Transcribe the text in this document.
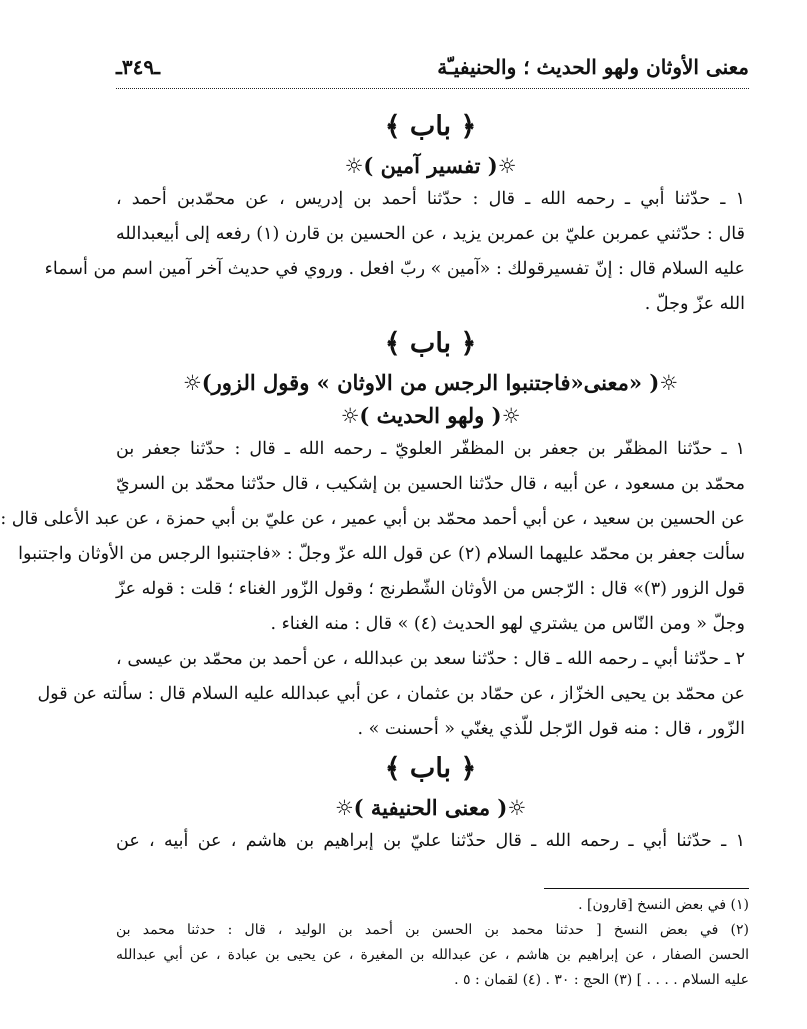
معنى الأوثان ولهو الحديث ؛ والحنيفيـّة
ـ٣٤٩ـ
﴿ باب ﴾
☼( تفسير آمين )☼
١ ـ حدّثنا أبي ـ رحمه الله ـ قال : حدّثنا أحمد بن إدريس ، عن محمّدبن أحمد ،
قال : حدّثني عمربن عليّ بن عمربن يزيد ، عن الحسين بن قارن (١) رفعه إلى أبيعبدالله
عليه السلام قال : إنّ تفسيرقولك : «آمين » ربّ افعل . وروي في حديث آخر آمين اسم من أسماء
الله عزّ وجلّ .
﴿ باب ﴾
☼( «معنى«فاجتنبوا الرجس من الاوثان » وقول الزور)☼
☼( ولهو الحديث )☼
١ ـ حدّثنا المظفّر بن جعفر بن المظفّر العلويّ ـ رحمه الله ـ قال : حدّثنا جعفر بن
محمّد بن مسعود ، عن أبيه ، قال حدّثنا الحسين بن إشكيب ، قال حدّثنا محمّد بن السريّ
عن الحسين بن سعيد ، عن أبي أحمد محمّد بن أبي عمير ، عن عليّ بن أبي حمزة ، عن عبد الأعلى قال :
سألت جعفر بن محمّد عليهما السلام (٢) عن قول الله عزّ وجلّ : «فاجتنبوا الرجس من الأوثان واجتنبوا
قول الزور (٣)» قال : الرّجس من الأوثان الشّطرنج ؛ وقول الزّور الغناء ؛ قلت : قوله عزّ
وجلّ « ومن النّاس من يشتري لهو الحديث (٤) » قال : منه الغناء .
٢ ـ حدّثنا أبي ـ رحمه الله ـ قال : حدّثنا سعد بن عبدالله ، عن أحمد بن محمّد بن عيسى ،
عن محمّد بن يحيى الخزّاز ، عن حمّاد بن عثمان ، عن أبي عبدالله عليه السلام قال : سألته عن قول
الزّور ، قال : منه قول الرّجل للّذي يغنّي « أحسنت » .
﴿ باب ﴾
☼( معنى الحنيفية )☼
١ ـ حدّثنا أبي ـ رحمه الله ـ قال حدّثنا عليّ بن إبراهيم بن هاشم ، عن أبيه ، عن
(١) في بعض النسخ [قارون] .
(٢) في بعض النسخ [ حدثنا محمد بن الحسن بن أحمد بن الوليد ، قال : حدثنا محمد بن
الحسن الصفار ، عن إبراهيم بن هاشم ، عن عبدالله بن المغيرة ، عن يحيى بن عبادة ، عن أبي عبدالله
عليه السلام . . . . ] (٣) الحج : ٣٠ . (٤) لقمان : ٥ .
